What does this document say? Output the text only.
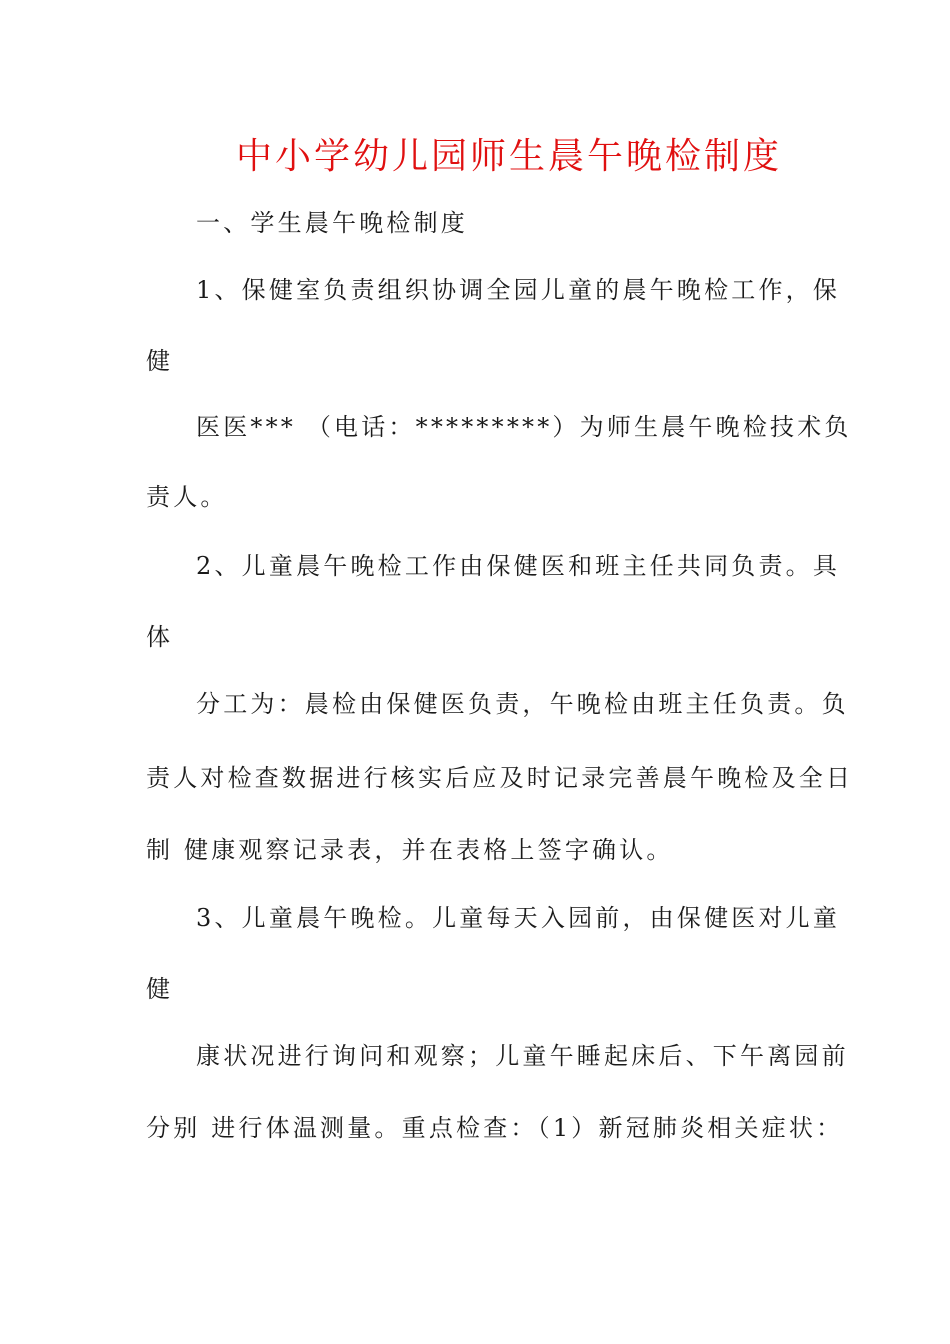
中小学幼儿园师生晨午晚检制度
一、学生晨午晚检制度
1、保健室负责组织协调全园儿童的晨午晚检工作，保
健
医医*** （电话：*********）为师生晨午晚检技术负
责人。
2、儿童晨午晚检工作由保健医和班主任共同负责。具
体
分工为：晨检由保健医负责，午晚检由班主任负责。负
责人对检查数据进行核实后应及时记录完善晨午晚检及全日
制 健康观察记录表，并在表格上签字确认。
3、儿童晨午晚检。儿童每天入园前，由保健医对儿童
健
康状况进行询问和观察；儿童午睡起床后、下午离园前
分别 进行体温测量。重点检查：（1）新冠肺炎相关症状：
